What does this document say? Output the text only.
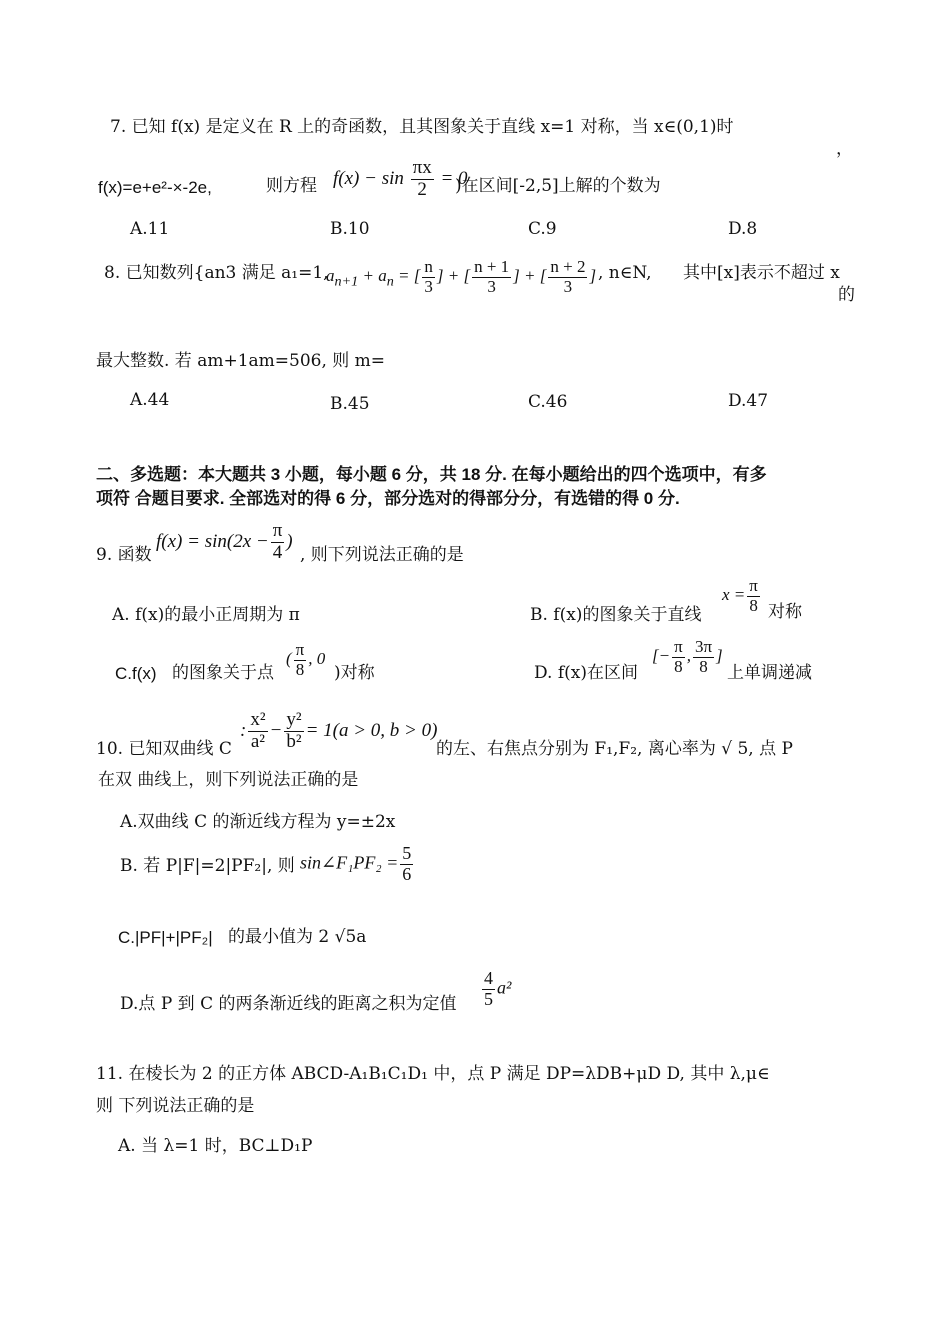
7. 已知 f(x) 是定义在 R 上的奇函数，且其图象关于直线 x=1 对称，当 x∈(0,1)时
，
f(x)=e+e²-×-2e,	则方程 $f(x) - \sin \frac{\pi x}{2} = 0$
)在区间[-2,5]上解的个数为
A.11	B.10	C.9	D.8
8. 已知数列{an3 满足 a₁=1,
$a_{n+1} + a_n$ = [ $\frac{n}{3}$ ] + [ $\frac{n + 1}{3}$ ] + [ $\frac{n + 2}{3}$ ] , n∈N, 其中[x]表示不超过 x
的
最大整数. 若 am+1am=506, 则 m=
A.44	B.45	C.46	D.47
二、多选题：本大题共 3 小题，每小题 6 分，共 18 分. 在每小题给出的四个选项中，有多
项符 合题目要求. 全部选对的得 6 分，部分选对的得部分分，有选错的得 0 分.
9. 函数
$f(x) = \sin(2x - \frac{\pi}{4}$ )
, 则下列说法正确的是
A. f(x)的最小正周期为 π	B. f(x)的图象关于直线
$x = \frac{\pi}{8}$ 对称
C.f(x) 的图象关于点
( $\frac{\pi}{8}$ , 0
)对称	D. f(x)在区间
[− $\frac{\pi}{8}$ , $\frac{3\pi}{8}$ ]
上单调递减
10. 已知双曲线 C
: $\frac{\text{x²}}{\text{a²}} - \frac{\text{y²}}{\text{b²}} = 1(a > 0$, b > 0)
的左、右焦点分别为 F₁,F₂, 离心率为 √ 5, 点 P
在双 曲线上，则下列说法正确的是
A.双曲线 C 的渐近线方程为 y=±2x
B. 若 P|F|=2|PF₂|, 则 sin∠F₁PF₂ = $\frac{5}{6}$
C.|PF|+|PF₂| 的最小值为 2 √5a
D.点 P 到 C 的两条渐近线的距离之积为定值 $\frac{4}{5} a^2$
11. 在棱长为 2 的正方体 ABCD-A₁B₁C₁D₁ 中，点 P 满足 DP=λDB+μD D, 其中 λ,μ∈
则 下列说法正确的是
A. 当 λ=1 时，BC⊥D₁P
